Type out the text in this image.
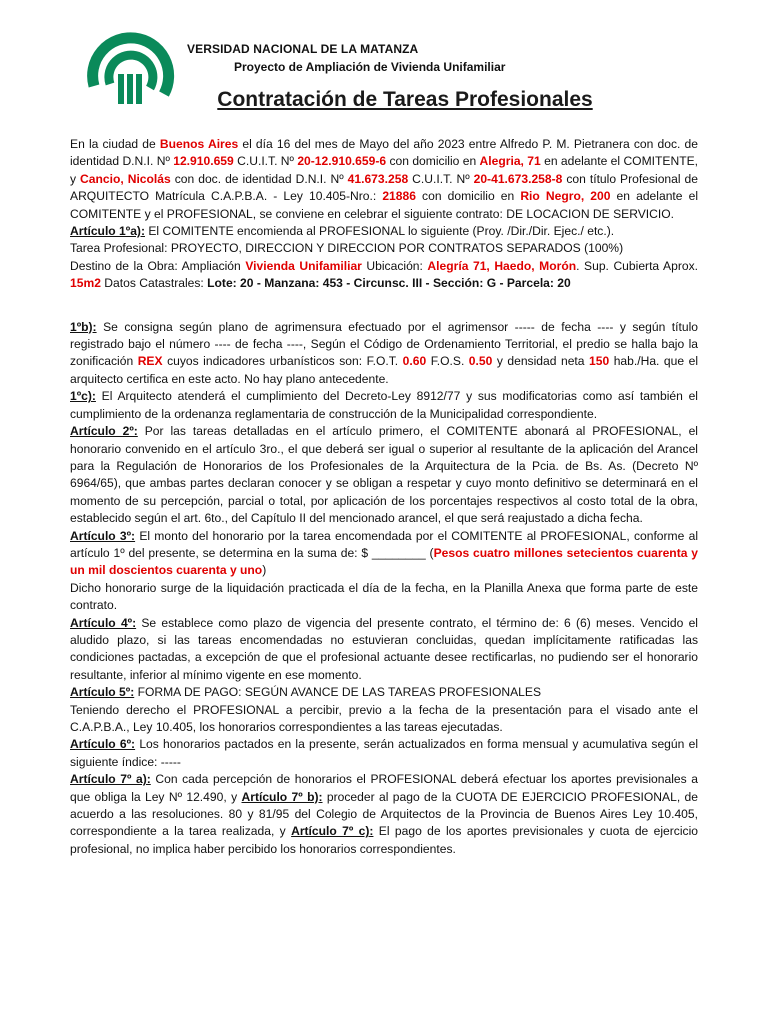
VERSIDAD NACIONAL DE LA MATANZA
Proyecto de Ampliación de Vivienda Unifamiliar
Contratación de Tareas Profesionales

En la ciudad de Buenos Aires el día 16 del mes de Mayo del año 2023 entre Alfredo P. M. Pietranera con doc. de identidad D.N.I. Nº 12.910.659 C.U.I.T. Nº 20-12.910.659-6 con domicilio en Alegria, 71 en adelante el COMITENTE, y Cancio, Nicolás con doc. de identidad D.N.I. Nº 41.673.258 C.U.I.T. Nº 20-41.673.258-8 con título Profesional de ARQUITECTO Matrícula C.A.P.B.A. - Ley 10.405-Nro.: 21886 con domicilio en Rio Negro, 200 en adelante el COMITENTE y el PROFESIONAL, se conviene en celebrar el siguiente contrato: DE LOCACION DE SERVICIO.

Artículo 1ºa): El COMITENTE encomienda al PROFESIONAL lo siguiente (Proy. /Dir./Dir. Ejec./ etc.).

Tarea Profesional: PROYECTO, DIRECCION Y DIRECCION POR CONTRATOS SEPARADOS (100%)

Destino de la Obra: Ampliación Vivienda Unifamiliar Ubicación: Alegría 71, Haedo, Morón. Sup. Cubierta Aprox. 15m2 Datos Catastrales: Lote: 20 - Manzana: 453 - Circunsc. III - Sección: G - Parcela: 20

1ºb): Se consigna según plano de agrimensura efectuado por el agrimensor ----- de fecha ---- y según título registrado bajo el número ---- de fecha ----, Según el Código de Ordenamiento Territorial, el predio se halla bajo la zonificación REX cuyos indicadores urbanísticos son: F.O.T. 0.60 F.O.S. 0.50 y densidad neta 150 hab./Ha. que el arquitecto certifica en este acto. No hay plano antecedente.

1ºc): El Arquitecto atenderá el cumplimiento del Decreto-Ley 8912/77 y sus modificatorias como así también el cumplimiento de la ordenanza reglamentaria de construcción de la Municipalidad correspondiente.

Artículo 2º: Por las tareas detalladas en el artículo primero, el COMITENTE abonará al PROFESIONAL, el honorario convenido en el artículo 3ro., el que deberá ser igual o superior al resultante de la aplicación del Arancel para la Regulación de Honorarios de los Profesionales de la Arquitectura de la Pcia. de Bs. As. (Decreto Nº 6964/65), que ambas partes declaran conocer y se obligan a respetar y cuyo monto definitivo se determinará en el momento de su percepción, parcial o total, por aplicación de los porcentajes respectivos al costo total de la obra, establecido según el art. 6to., del Capítulo II del mencionado arancel, el que será reajustado a dicha fecha.

Artículo 3º: El monto del honorario por la tarea encomendada por el COMITENTE al PROFESIONAL, conforme al artículo 1º del presente, se determina en la suma de: $ ________ (Pesos cuatro millones setecientos cuarenta y un mil doscientos cuarenta y uno)

Dicho honorario surge de la liquidación practicada el día de la fecha, en la Planilla Anexa que forma parte de este contrato.

Artículo 4º: Se establece como plazo de vigencia del presente contrato, el término de: 6 (6) meses. Vencido el aludido plazo, si las tareas encomendadas no estuvieran concluidas, quedan implícitamente ratificadas las condiciones pactadas, a excepción de que el profesional actuante desee rectificarlas, no pudiendo ser el honorario resultante, inferior al mínimo vigente en ese momento.

Artículo 5º: FORMA DE PAGO: SEGÚN AVANCE DE LAS TAREAS PROFESIONALES

Teniendo derecho el PROFESIONAL a percibir, previo a la fecha de la presentación para el visado ante el C.A.P.B.A., Ley 10.405, los honorarios correspondientes a las tareas ejecutadas.

Artículo 6º: Los honorarios pactados en la presente, serán actualizados en forma mensual y acumulativa según el siguiente índice: -----

Artículo 7º a): Con cada percepción de honorarios el PROFESIONAL deberá efectuar los aportes previsionales a que obliga la Ley Nº 12.490, y Artículo 7º b): proceder al pago de la CUOTA DE EJERCICIO PROFESIONAL, de acuerdo a las resoluciones. 80 y 81/95 del Colegio de Arquitectos de la Provincia de Buenos Aires Ley 10.405, correspondiente a la tarea realizada, y Artículo 7º c): El pago de los aportes previsionales y cuota de ejercicio profesional, no implica haber percibido los honorarios correspondientes.
